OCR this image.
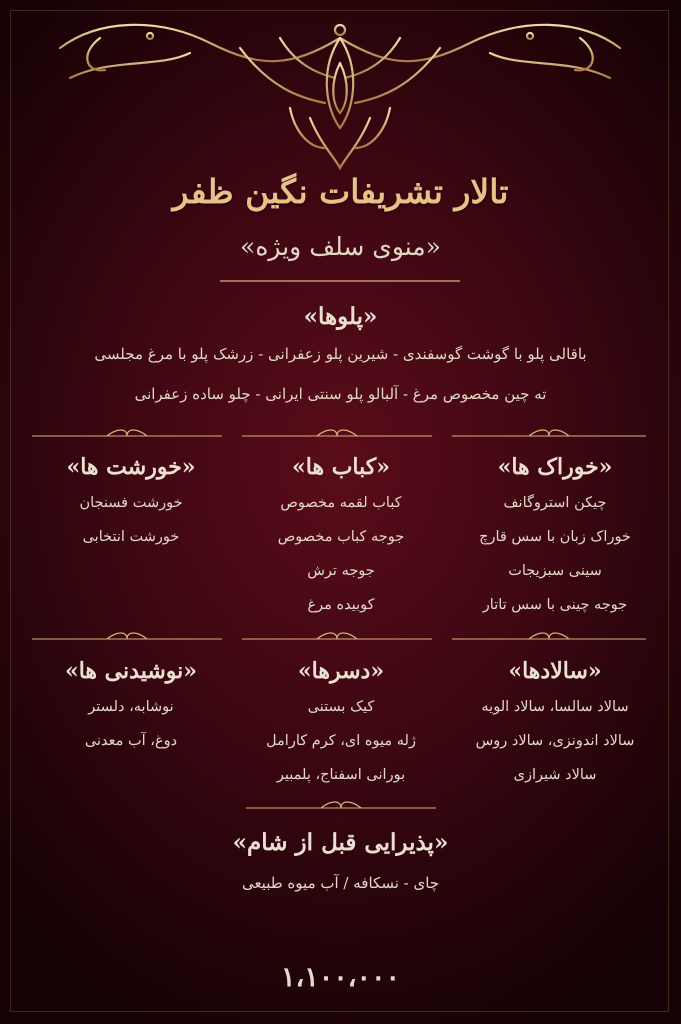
تالار تشریفات نگین ظفر
«منوی سلف ویژه»
«پلوها»
باقالی پلو با گوشت گوسفندی - شیرین پلو زعفرانی - زرشک پلو با مرغ مجلسی
ته چین مخصوص مرغ - آلبالو پلو سنتی ایرانی - چلو ساده زعفرانی
«خوراک ها»
چیکن استروگانف
خوراک زبان با سس قارچ
سینی سبزیجات
جوجه چینی با سس تاتار
«کباب ها»
کباب لقمه مخصوص
جوجه کباب مخصوص
جوجه ترش
کوبیده مرغ
«خورشت ها»
خورشت فسنجان
خورشت انتخابی
«سالادها»
سالاد سالسا، سالاد الویه
سالاد اندونزی، سالاد روس
سالاد شیرازی
«دسرها»
کیک بستنی
ژله میوه ای، کرم کارامل
بورانی اسفناج، پلمبیر
«نوشیدنی ها»
نوشابه، دلستر
دوغ، آب معدنی
«پذیرایی قبل از شام»
چای - نسکافه / آب میوه طبیعی
۱،۱۰۰،۰۰۰
